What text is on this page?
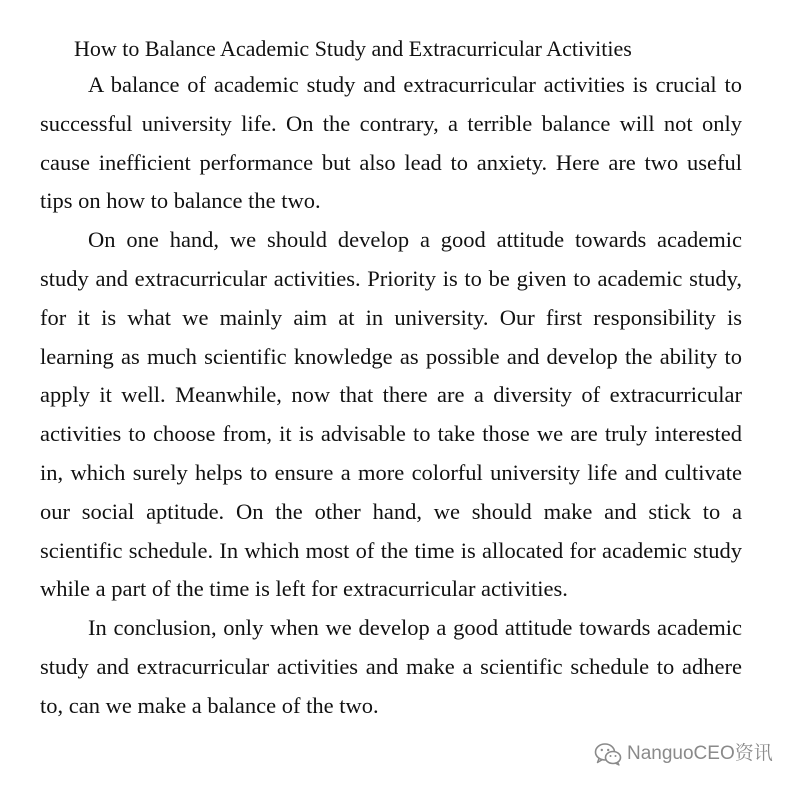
How to Balance Academic Study and Extracurricular Activities

A balance of academic study and extracurricular activities is crucial to successful university life. On the contrary, a terrible balance will not only cause inefficient performance but also lead to anxiety. Here are two useful tips on how to balance the two.

On one hand, we should develop a good attitude towards academic study and extracurricular activities. Priority is to be given to academic study, for it is what we mainly aim at in university. Our first responsibility is learning as much scientific knowledge as possible and develop the ability to apply it well. Meanwhile, now that there are a diversity of extracurricular activities to choose from, it is advisable to take those we are truly interested in, which surely helps to ensure a more colorful university life and cultivate our social aptitude. On the other hand, we should make and stick to a scientific schedule. In which most of the time is allocated for academic study while a part of the time is left for extracurricular activities.

In conclusion, only when we develop a good attitude towards academic study and extracurricular activities and make a scientific schedule to adhere to, can we make a balance of the two.

NanguoCEO资讯
